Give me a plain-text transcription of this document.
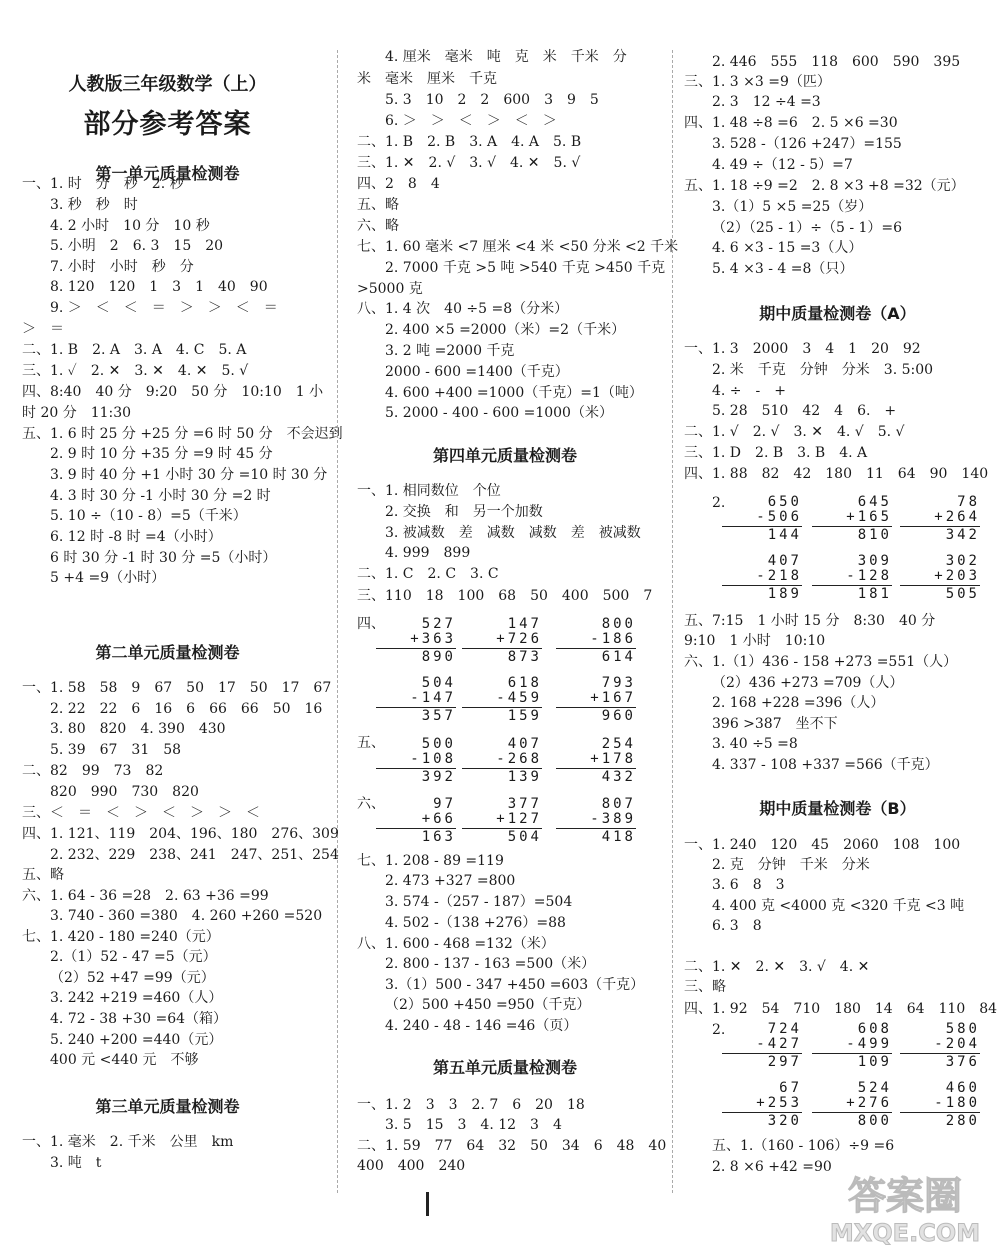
人教版三年级数学（上）
部分参考答案
第一单元质量检测卷
第二单元质量检测卷
第三单元质量检测卷
第四单元质量检测卷
第五单元质量检测卷
期中质量检测卷（A）
期中质量检测卷（B）
一、1. 时　分　秒　2. 秒
3. 秒　秒　时
4. 2 小时　10 分　10 秒
5. 小明　2　6. 3　15　20
7. 小时　小时　秒　分
8. 120　120　1　3　1　40　90
9. ＞　＜　＜　＝　＞　＞　＜　＝
＞　＝
二、1. B　2. A　3. A　4. C　5. A
三、1. ✓　2. ✕　3. ✕　4. ✕　5. √
四、8:40　40 分　9:20　50 分　10:10　1 小
时 20 分　11:30
五、1. 6 时 25 分 +25 分 =6 时 50 分　不会迟到
2. 9 时 10 分 +35 分 =9 时 45 分
3. 9 时 40 分 +1 小时 30 分 =10 时 30 分
4. 3 时 30 分 -1 小时 30 分 =2 时
5. 10 ÷（10 - 8）=5（千米）
6. 12 时 -8 时 =4（小时）
6 时 30 分 -1 时 30 分 =5（小时）
5 +4 =9（小时）
一、1. 58　58　9　67　50　17　50　17　67
2. 22　22　6　16　6　66　66　50　16
3. 80　820　4. 390　430
5. 39　67　31　58
二、82　99　73　82
820　990　730　820
三、＜　＝　＜　＞　＜　＞　＞　＜
四、1. 121、119　204、196、180　276、309
2. 232、229　238、241　247、251、254
五、略
六、1. 64 - 36 =28　2. 63 +36 =99
3. 740 - 360 =380　4. 260 +260 =520
七、1. 420 - 180 =240（元）
2.（1）52 - 47 =5（元）
（2）52 +47 =99（元）
3. 242 +219 =460（人）
4. 72 - 38 +30 =64（箱）
5. 240 +200 =440（元）
400 元 <440 元　不够
一、1. 毫米　2. 千米　公里　km
3. 吨　t
4. 厘米　毫米　吨　克　米　千米　分
米　毫米　厘米　千克
5. 3　10　2　2　600　3　9　5
6. ＞　＞　＜　＞　＜　＞
二、1. B　2. B　3. A　4. A　5. B
三、1. ✕　2. √　3. √　4. ✕　5. √
四、2　8　4
五、略
六、略
七、1. 60 毫米 <7 厘米 <4 米 <50 分米 <2 千米
2. 7000 千克 >5 吨 >540 千克 >450 千克
>5000 克
八、1. 4 次　40 ÷5 =8（分米）
2. 400 ×5 =2000（米）=2（千米）
3. 2 吨 =2000 千克
2000 - 600 =1400（千克）
4. 600 +400 =1000（千克）=1（吨）
5. 2000 - 400 - 600 =1000（米）
一、1. 相同数位　个位
2. 交换　和　另一个加数
3. 被减数　差　减数　减数　差　被减数
4. 999　899
二、1. C　2. C　3. C
三、110　18　100　68　50　400　500　7
四、
五、
六、
七、1. 208 - 89 =119
2. 473 +327 =800
3. 574 -（257 - 187）=504
4. 502 -（138 +276）=88
八、1. 600 - 468 =132（米）
2. 800 - 137 - 163 =500（米）
3.（1）500 - 347 +450 =603（千克）
（2）500 +450 =950（千克）
4. 240 - 48 - 146 =46（页）
一、1. 2　3　3　2. 7　6　20　18
3. 5　15　3　4. 12　3　4
二、1. 59　77　64　32　50　34　6　48　40
400　400　240
2. 446　555　118　600　590　395
三、1. 3 ×3 =9（匹）
2. 3　12 ÷4 =3
四、1. 48 ÷8 =6　2. 5 ×6 =30
3. 528 -（126 +247）=155
4. 49 ÷（12 - 5）=7
五、1. 18 ÷9 =2　2. 8 ×3 +8 =32（元）
3.（1）5 ×5 =25（岁）
（2）（25 - 1）÷（5 - 1）=6
4. 6 ×3 - 15 =3（人）
5. 4 ×3 - 4 =8（只）
一、1. 3　2000　3　4　1　20　92
2. 米　千克　分钟　分米　3. 5:00
4. ÷　-　+
5. 28　510　42　4　6.　+
二、1. √　2. √　3. ✕　4. √　5. √
三、1. D　2. B　3. B　4. A
四、1. 88　82　42　180　11　64　90　140
2.
五、7:15　1 小时 15 分　8:30　40 分
9:10　1 小时　10:10
六、1.（1）436 - 158 +273 =551（人）
（2）436 +273 =709（人）
2. 168 +228 =396（人）
396 >387　坐不下
3. 40 ÷5 =8
4. 337 - 108 +337 =566（千克）
一、1. 240　120　45　2060　108　100
2. 克　分钟　千米　分米
3. 6　8　3
4. 400 克 <4000 克 <320 千克 <3 吨
6. 3　8
二、1. ✕　2. ✕　3. √　4. ✕
三、略
四、1. 92　54　710　180　14　64　110　84
2.
五、1.（160 - 106）÷9 =6
2. 8 ×6 +42 =90
527
+363
890
147
+726
873
800
-186
614
504
-147
357
618
-459
159
793
+167
960
500
-108
392
407
-268
139
254
+178
432
97
+66
163
377
+127
504
807
-389
418
650
-506
144
645
+165
810
78
+264
342
407
-218
189
309
-128
181
302
+203
505
724
-427
297
608
-499
109
580
-204
376
67
+253
320
524
+276
800
460
-180
280
答案圈
MXQE.COM
